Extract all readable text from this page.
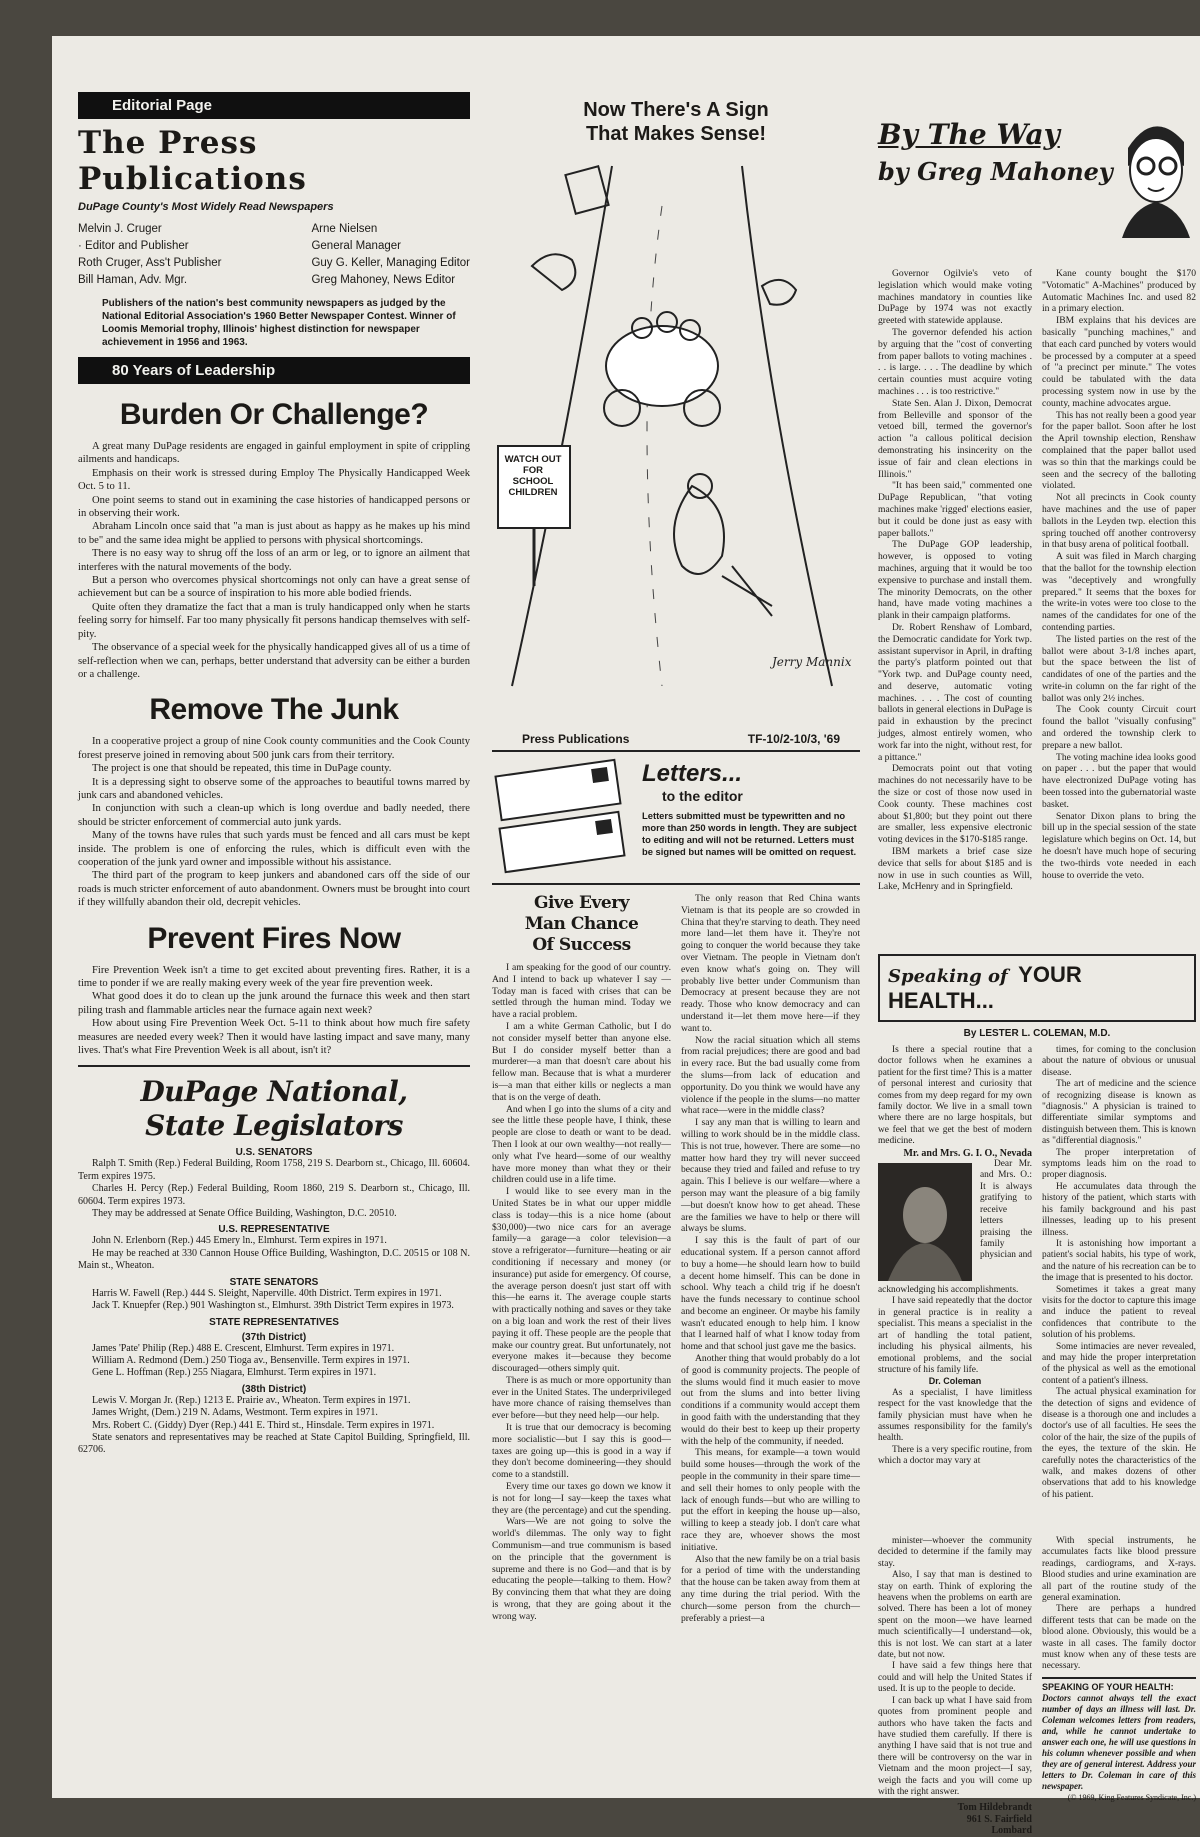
Editorial Page
The Press Publications
DuPage County's Most Widely Read Newspapers
Melvin J. Cruger
· Editor and Publisher
Roth Cruger, Ass't Publisher
Bill Haman, Adv. Mgr.
Arne Nielsen
General Manager
Guy G. Keller, Managing Editor
Greg Mahoney, News Editor
Publishers of the nation's best community newspapers as judged by the National Editorial Association's 1960 Better Newspaper Contest. Winner of Loomis Memorial trophy, Illinois' highest distinction for newspaper achievement in 1956 and 1963.
80 Years of Leadership
Burden Or Challenge?

A great many DuPage residents are engaged in gainful employment in spite of crippling ailments and handicaps.

Emphasis on their work is stressed during Employ The Physically Handicapped Week Oct. 5 to 11.

One point seems to stand out in examining the case histories of handicapped persons or in observing their work.

Abraham Lincoln once said that "a man is just about as happy as he makes up his mind to be" and the same idea might be applied to persons with physical shortcomings.

There is no easy way to shrug off the loss of an arm or leg, or to ignore an ailment that interferes with the natural movements of the body.

But a person who overcomes physical shortcomings not only can have a great sense of achievement but can be a source of inspiration to his more able bodied friends.

Quite often they dramatize the fact that a man is truly handicapped only when he starts feeling sorry for himself. Far too many physically fit persons handicap themselves with self-pity.

The observance of a special week for the physically handicapped gives all of us a time of self-reflection when we can, perhaps, better understand that adversity can be either a burden or a challenge.

Remove The Junk

In a cooperative project a group of nine Cook county communities and the Cook County forest preserve joined in removing about 500 junk cars from their territory.

The project is one that should be repeated, this time in DuPage county.

It is a depressing sight to observe some of the approaches to beautiful towns marred by junk cars and abandoned vehicles.

In conjunction with such a clean-up which is long overdue and badly needed, there should be stricter enforcement of commercial auto junk yards.

Many of the towns have rules that such yards must be fenced and all cars must be kept inside. The problem is one of enforcing the rules, which is difficult even with the cooperation of the junk yard owner and impossible without his assistance.

The third part of the program to keep junkers and abandoned cars off the side of our roads is much stricter enforcement of auto abandonment. Owners must be brought into court if they willfully abandon their old, decrepit vehicles.

Prevent Fires Now

Fire Prevention Week isn't a time to get excited about preventing fires. Rather, it is a time to ponder if we are really making every week of the year fire prevention week.

What good does it do to clean up the junk around the furnace this week and then start piling trash and flammable articles near the furnace again next week?

How about using Fire Prevention Week Oct. 5-11 to think about how much fire safety measures are needed every week? Then it would have lasting impact and save many, many lives. That's what Fire Prevention Week is all about, isn't it?

DuPage National,
State Legislators
U.S. SENATORS

Ralph T. Smith (Rep.) Federal Building, Room 1758, 219 S. Dearborn st., Chicago, Ill. 60604. Term expires 1975.

Charles H. Percy (Rep.) Federal Building, Room 1860, 219 S. Dearborn st., Chicago, Ill. 60604. Term expires 1973.

They may be addressed at Senate Office Building, Washington, D.C. 20510.

U.S. REPRESENTATIVE

John N. Erlenborn (Rep.) 445 Emery ln., Elmhurst. Term expires in 1971.

He may be reached at 330 Cannon House Office Building, Washington, D.C. 20515 or 108 N. Main st., Wheaton.

STATE SENATORS

Harris W. Fawell (Rep.) 444 S. Sleight, Naperville. 40th District. Term expires in 1971.

Jack T. Knuepfer (Rep.) 901 Washington st., Elmhurst. 39th District Term expires in 1973.

STATE REPRESENTATIVES
(37th District)

James 'Pate' Philip (Rep.) 488 E. Crescent, Elmhurst. Term expires in 1971.

William A. Redmond (Dem.) 250 Tioga av., Bensenville. Term expires in 1971.

Gene L. Hoffman (Rep.) 255 Niagara, Elmhurst. Term expires in 1971.

(38th District)

Lewis V. Morgan Jr. (Rep.) 1213 E. Prairie av., Wheaton. Term expires in 1971.

James Wright, (Dem.) 219 N. Adams, Westmont. Term expires in 1971.

Mrs. Robert C. (Giddy) Dyer (Rep.) 441 E. Third st., Hinsdale. Term expires in 1971.

State senators and representatives may be reached at State Capitol Building, Springfield, Ill. 62706.

Now There's A Sign
That Makes Sense!
Jerry Mannix
WATCH OUT FOR SCHOOL CHILDREN
Press Publications	TF-10/2-10/3, '69
Letters...
to the editor
Letters submitted must be typewritten and no more than 250 words in length. They are subject to editing and will not be returned. Letters must be signed but names will be omitted on request.
Give Every
Man Chance
Of Success

I am speaking for the good of our country. And I intend to back up whatever I say — Today man is faced with crises that can be settled through the human mind. Today we have a racial problem.

I am a white German Catholic, but I do not consider myself better than anyone else. But I do consider myself better than a murderer—a man that doesn't care about his fellow man. Because that is what a murderer is—a man that either kills or neglects a man that is on the verge of death.

And when I go into the slums of a city and see the little these people have, I think, these people are close to death or want to be dead. Then I look at our own wealthy—not really—only what I've heard—some of our wealthy have more money than what they or their children could use in a life time.

I would like to see every man in the United States be in what our upper middle class is today—this is a nice home (about $30,000)—two nice cars for an average family—a garage—a color television—a stove a refrigerator—furniture—heating or air conditioning if necessary and money (or insurance) put aside for emergency. Of course, the average person doesn't just start off with this—he earns it. The average couple starts with practically nothing and saves or they take on a big loan and work the rest of their lives paying it off. These people are the people that make our country great. But unfortunately, not everyone makes it—because they become discouraged—others simply quit.

There is as much or more opportunity than ever in the United States. The underprivileged have more chance of raising themselves than ever before—but they need help—our help.

It is true that our democracy is becoming more socialistic—but I say this is good—taxes are going up—this is good in a way if they don't become domineering—they should come to a standstill.

Every time our taxes go down we know it is not for long—I say—keep the taxes what they are (the percentage) and cut the spending.

Wars—We are not going to solve the world's dilemmas. The only way to fight Communism—and true communism is based on the principle that the government is supreme and there is no God—and that is by educating the people—talking to them. How? By convincing them that what they are doing is wrong, that they are going about it the wrong way.

The only reason that Red China wants Vietnam is that its people are so crowded in China that they're starving to death. They need more land—let them have it. They're not going to conquer the world because they take over Vietnam. The people in Vietnam don't even know what's going on. They will probably live better under Communism than Democracy at present because they are not ready. Those who know democracy and can understand it—let them move here—if they want to.

Now the racial situation which all stems from racial prejudices; there are good and bad in every race. But the bad usually come from the slums—from lack of education and opportunity. Do you think we would have any violence if the people in the slums—no matter what race—were in the middle class?

I say any man that is willing to learn and willing to work should be in the middle class. This is not true, however. There are some—no matter how hard they try will never succeed because they tried and failed and refuse to try again. This I believe is our welfare—where a person may want the pleasure of a big family—but doesn't know how to get ahead. These are the families we have to help or there will always be slums.

I say this is the fault of part of our educational system. If a person cannot afford to buy a home—he should learn how to build a decent home himself. This can be done in school. Why teach a child trig if he doesn't have the funds necessary to continue school and become an engineer. Or maybe his family wasn't educated enough to help him. I know that I learned half of what I know today from home and that school just gave me the basics.

Another thing that would probably do a lot of good is community projects. The people of the slums would find it much easier to move out from the slums and into better living conditions if a community would accept them in good faith with the understanding that they would do their best to keep up their property with the help of the community, if needed.

This means, for example—a town would build some houses—through the work of the people in the community in their spare time—and sell their homes to only people with the lack of enough funds—but who are willing to put the effort in keeping the house up—also, willing to keep a steady job. I don't care what race they are, whoever shows the most initiative.

Also that the new family be on a trial basis for a period of time with the understanding that the house can be taken away from them at any time during the trial period. With the church—some person from the church— preferably a priest—a

By The Way
by Greg Mahoney

Governor Ogilvie's veto of legislation which would make voting machines mandatory in counties like DuPage by 1974 was not exactly greeted with statewide applause.

The governor defended his action by arguing that the "cost of converting from paper ballots to voting machines . . . is large. . . . The deadline by which certain counties must acquire voting machines . . . is too restrictive."

State Sen. Alan J. Dixon, Democrat from Belleville and sponsor of the vetoed bill, termed the governor's action "a callous political decision demonstrating his insincerity on the issue of fair and clean elections in Illinois."

"It has been said," commented one DuPage Republican, "that voting machines make 'rigged' elections easier, but it could be done just as easy with paper ballots."

The DuPage GOP leadership, however, is opposed to voting machines, arguing that it would be too expensive to purchase and install them. The minority Democrats, on the other hand, have made voting machines a plank in their campaign platforms.

Dr. Robert Renshaw of Lombard, the Democratic candidate for York twp. assistant supervisor in April, in drafting the party's platform pointed out that "York twp. and DuPage county need, and deserve, automatic voting machines. . . . The cost of counting ballots in general elections in DuPage is paid in exhaustion by the precinct judges, almost entirely women, who work far into the night, without rest, for a pittance."

Democrats point out that voting machines do not necessarily have to be the size or cost of those now used in Cook county. These machines cost about $1,800; but they point out there are smaller, less expensive electronic voting devices in the $170-$185 range.

IBM markets a brief case size device that sells for about $185 and is now in use in such counties as Will, Lake, McHenry and in Springfield.

Kane county bought the $170 "Votomatic" A-Machines" produced by Automatic Machines Inc. and used 82 in a primary election.

IBM explains that his devices are basically "punching machines," and that each card punched by voters would be processed by a computer at a speed of "a precinct per minute." The votes could be tabulated with the data processing system now in use by the county, machine advocates argue.

This has not really been a good year for the paper ballot. Soon after he lost the April township election, Renshaw complained that the paper ballot used was so thin that the markings could be seen and the secrecy of the balloting violated.

Not all precincts in Cook county have machines and the use of paper ballots in the Leyden twp. election this spring touched off another controversy in that busy arena of political football.

A suit was filed in March charging that the ballot for the township election was "deceptively and wrongfully prepared." It seems that the boxes for the write-in votes were too close to the names of the candidates for one of the contending parties.

The listed parties on the rest of the ballot were about 3-1/8 inches apart, but the space between the list of candidates of one of the parties and the write-in column on the far right of the ballot was only 2½ inches.

The Cook county Circuit court found the ballot "visually confusing" and ordered the township clerk to prepare a new ballot.

The voting machine idea looks good on paper . . . but the paper that would have electronized DuPage voting has been tossed into the gubernatorial waste basket.

Senator Dixon plans to bring the bill up in the special session of the state legislature which begins on Oct. 14, but he doesn't have much hope of securing the two-thirds vote needed in each house to override the veto.

Speaking of YOUR HEALTH...
By LESTER L. COLEMAN, M.D.

Is there a special routine that a doctor follows when he examines a patient for the first time? This is a matter of personal interest and curiosity that comes from my deep regard for my own family doctor. We live in a small town where there are no large hospitals, but we feel that we get the best of modern medicine.

Mr. and Mrs. G. I. O., Nevada

Dear Mr. and Mrs. O.: It is always gratifying to receive letters praising the family physician and acknowledging his accomplishments.

I have said repeatedly that the doctor in general practice is in reality a specialist. This means a specialist in the art of handling the total patient, including his physical ailments, his emotional problems, and the social structure of his family life.

Dr. Coleman

As a specialist, I have limitless respect for the vast knowledge that the family physician must have when he assumes responsibility for the family's health.

There is a very specific routine, from which a doctor may vary at

times, for coming to the conclusion about the nature of obvious or unusual disease.

The art of medicine and the science of recognizing disease is known as "diagnosis." A physician is trained to differentiate similar symptoms and distinguish between them. This is known as "differential diagnosis."

The proper interpretation of symptoms leads him on the road to proper diagnosis.

He accumulates data through the history of the patient, which starts with his family background and his past illnesses, leading up to his present illness.

It is astonishing how important a patient's social habits, his type of work, and the nature of his recreation can be to the image that is presented to his doctor.

Sometimes it takes a great many visits for the doctor to capture this image and induce the patient to reveal confidences that contribute to the solution of his problems.

Some intimacies are never revealed, and may hide the proper interpretation of the physical as well as the emotional content of a patient's illness.

The actual physical examination for the detection of signs and evidence of disease is a thorough one and includes a doctor's use of all faculties. He sees the color of the hair, the size of the pupils of the eyes, the texture of the skin. He carefully notes the characteristics of the walk, and makes dozens of other observations that add to his knowledge of his patient.

minister—whoever the community decided to determine if the family may stay.

Also, I say that man is destined to stay on earth. Think of exploring the heavens when the problems on earth are solved. There has been a lot of money spent on the moon—we have learned much scientifically—I understand—ok, this is not lost. We can start at a later date, but not now.

I have said a few things here that could and will help the United States if used. It is up to the people to decide.

I can back up what I have said from quotes from prominent people and authors who have taken the facts and have studied them carefully. If there is anything I have said that is not true and there will be controversy on the war in Vietnam and the moon project—I say, weigh the facts and you will come up with the right answer.

Tom Hildebrandt
961 S. Fairfield
Lombard

With special instruments, he accumulates facts like blood pressure readings, cardiograms, and X-rays. Blood studies and urine examination are all part of the routine study of the general examination.

There are perhaps a hundred different tests that can be made on the blood alone. Obviously, this would be a waste in all cases. The family doctor must know when any of these tests are necessary.

SPEAKING OF YOUR HEALTH:
Doctors cannot always tell the exact number of days an illness will last. Dr. Coleman welcomes letters from readers, and, while he cannot undertake to answer each one, he will use questions in his column whenever possible and when they are of general interest. Address your letters to Dr. Coleman in care of this newspaper.
(© 1969, King Features Syndicate, Inc.)
